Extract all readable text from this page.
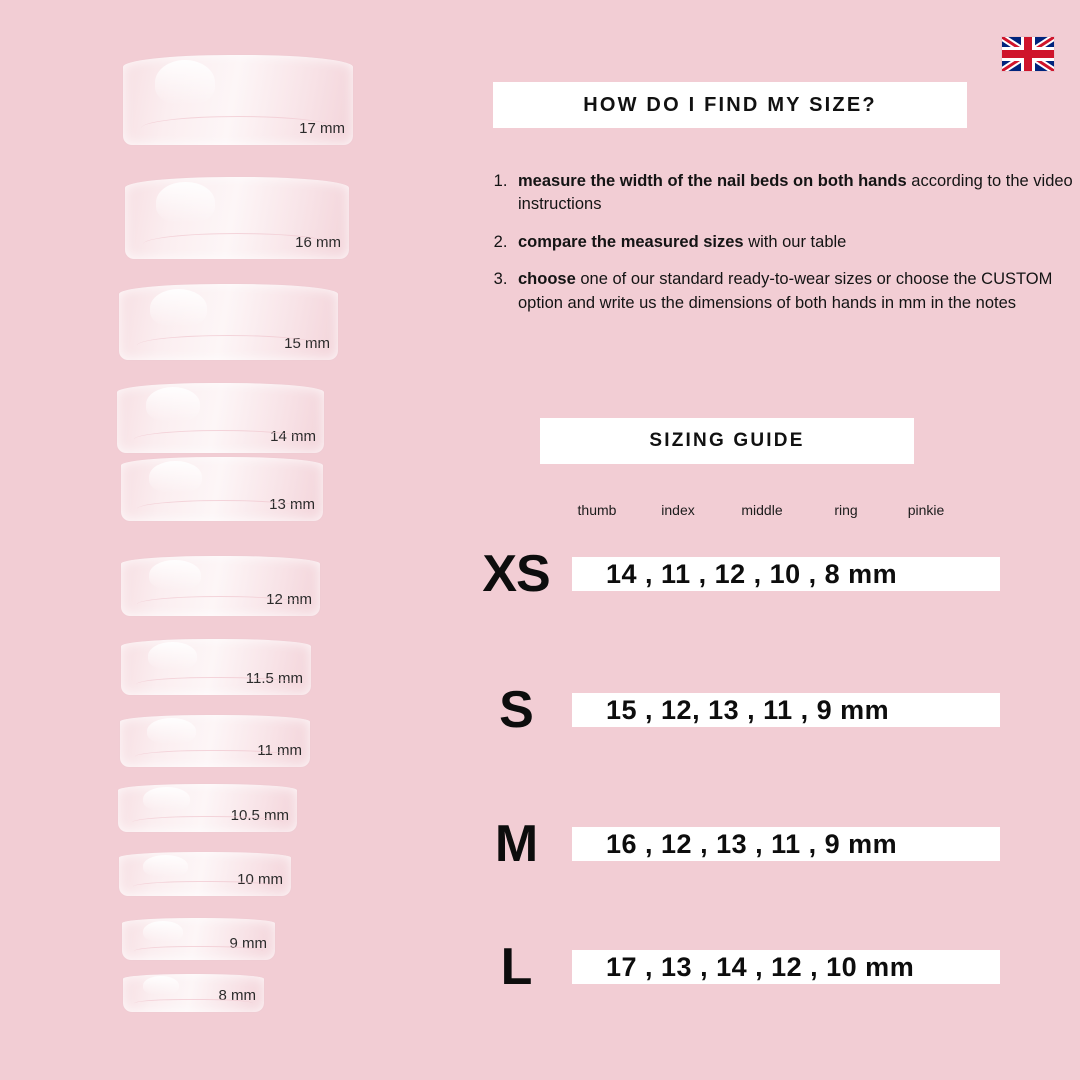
17 mm
16 mm
15 mm
14 mm
13 mm
12 mm
11.5 mm
11 mm
10.5 mm
10 mm
9 mm
8 mm
HOW DO I FIND MY SIZE?
1. measure the width of the nail beds on both hands according to the video instructions
2. compare the measured sizes with our table
3. choose one of our standard ready-to-wear sizes or choose the CUSTOM option and write us the dimensions of both hands in mm in the notes
SIZING GUIDE
thumb	index	middle	ring	pinkie
XS	14 , 11 , 12 , 10 , 8 mm
S	15 , 12, 13 , 11 , 9 mm
M	16 , 12 , 13 , 11 , 9 mm
L	17 , 13 , 14 , 12 , 10 mm
